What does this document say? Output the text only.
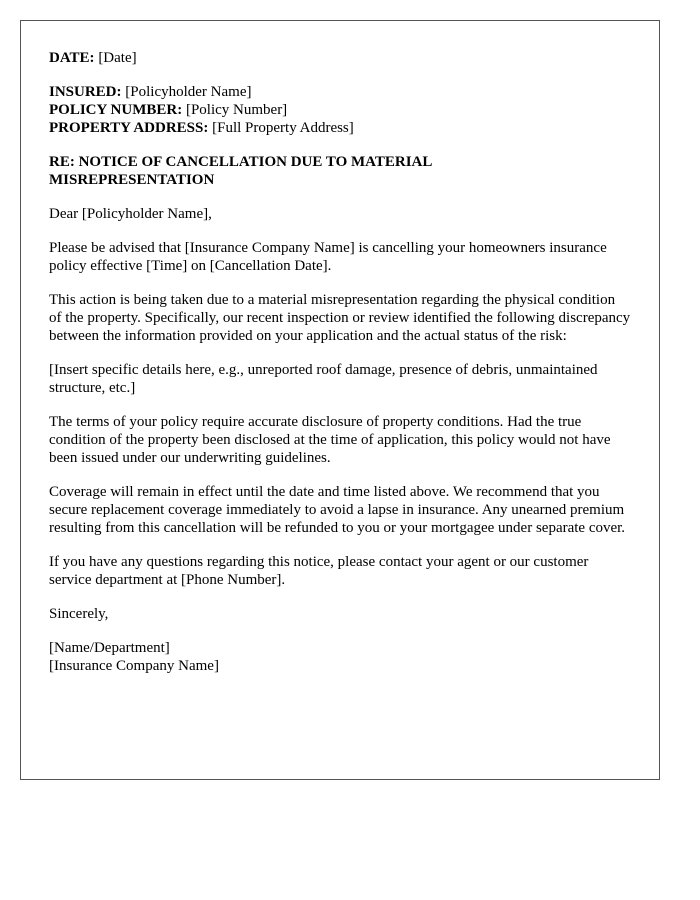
DATE: [Date]

INSURED: [Policyholder Name]
POLICY NUMBER: [Policy Number]
PROPERTY ADDRESS: [Full Property Address]

RE: NOTICE OF CANCELLATION DUE TO MATERIAL MISREPRESENTATION

Dear [Policyholder Name],

Please be advised that [Insurance Company Name] is cancelling your homeowners insurance policy effective [Time] on [Cancellation Date].

This action is being taken due to a material misrepresentation regarding the physical condition of the property. Specifically, our recent inspection or review identified the following discrepancy between the information provided on your application and the actual status of the risk:

[Insert specific details here, e.g., unreported roof damage, presence of debris, unmaintained structure, etc.]

The terms of your policy require accurate disclosure of property conditions. Had the true condition of the property been disclosed at the time of application, this policy would not have been issued under our underwriting guidelines.

Coverage will remain in effect until the date and time listed above. We recommend that you secure replacement coverage immediately to avoid a lapse in insurance. Any unearned premium resulting from this cancellation will be refunded to you or your mortgagee under separate cover.

If you have any questions regarding this notice, please contact your agent or our customer service department at [Phone Number].

Sincerely,

[Name/Department]
[Insurance Company Name]
